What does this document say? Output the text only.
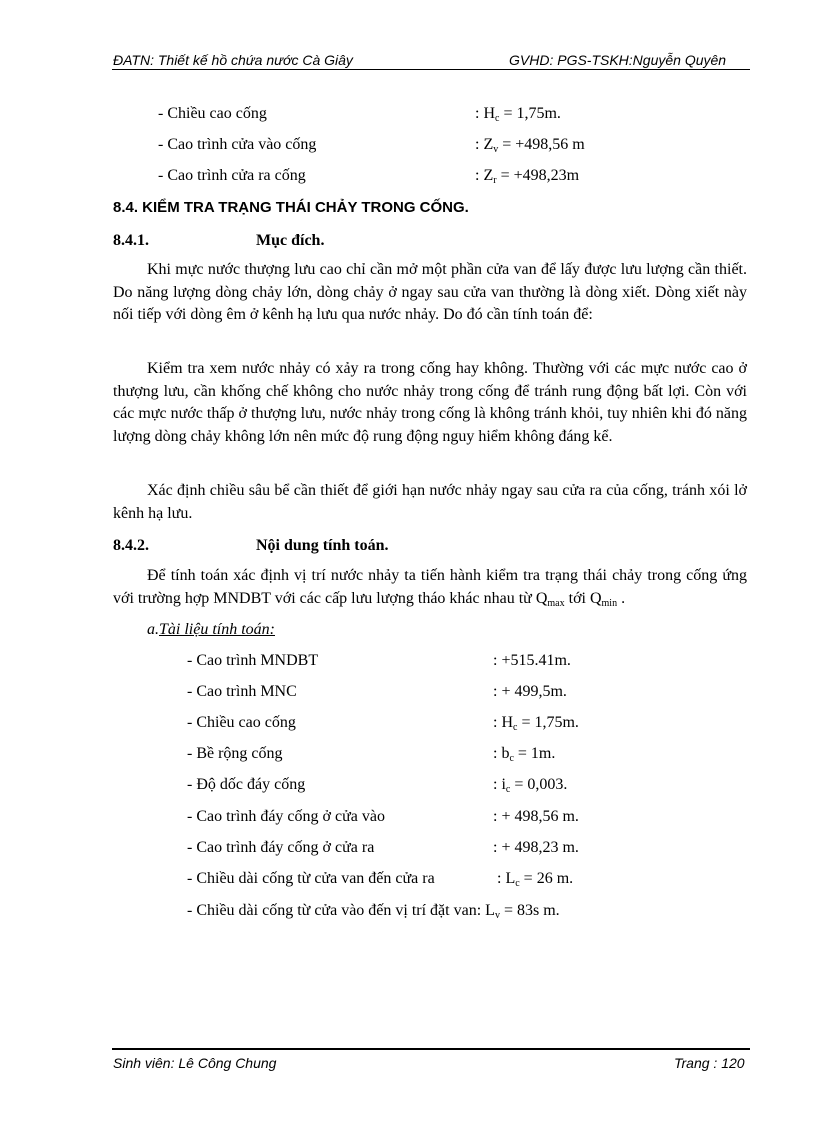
ĐATN: Thiết kế hồ chứa nước Cà Giây	GVHD: PGS-TSKH:Nguyễn Quyên
- Chiều cao cống	: $H_c = 1,75m$.
- Cao trình cửa vào cống	: $Z_v = +498,56$ m
- Cao trình cửa ra cống	: $Z_r = +498,23m$
8.4. KIỂM TRA TRẠNG THÁI CHẢY TRONG CỐNG.
8.4.1.	Mục đích.

Khi mực nước thượng lưu cao chỉ cần mở một phần cửa van để lấy được lưu lượng cần thiết. Do năng lượng dòng chảy lớn, dòng chảy ở ngay sau cửa van thường là dòng xiết. Dòng xiết này nối tiếp với dòng êm ở kênh hạ lưu qua nước nhảy. Do đó cần tính toán để:

Kiểm tra xem nước nhảy có xảy ra trong cống hay không. Thường với các mực nước cao ở thượng lưu, cần khống chế không cho nước nhảy trong cống để tránh rung động bất lợi. Còn với các mực nước thấp ở thượng lưu, nước nhảy trong cống là không tránh khỏi, tuy nhiên khi đó năng lượng dòng chảy không lớn nên mức độ rung động nguy hiểm không đáng kể.

Xác định chiều sâu bể cần thiết để giới hạn nước nhảy ngay sau cửa ra của cống, tránh xói lở kênh hạ lưu.

8.4.2.	Nội dung tính toán.

Để tính toán xác định vị trí nước nhảy ta tiến hành kiểm tra trạng thái chảy trong cống ứng với trường hợp MNDBT với các cấp lưu lượng tháo khác nhau từ $Q_{max}$ tới $Q_{min}$ .

a.Tài liệu tính toán:
- Cao trình MNDBT	: +515.41m.
- Cao trình MNC	: + 499,5m.
- Chiều cao cống	: $H_c = 1,75m$.
- Bề rộng cống	: $b_c = 1m$.
- Độ dốc đáy cống	: $i_c = 0,003$.
- Cao trình đáy cống ở cửa vào	: + 498,56 m.
- Cao trình đáy cống ở cửa ra	: + 498,23 m.
- Chiều dài cống từ cửa van đến cửa ra	: $L_c = 26$ m.
- Chiều dài cống từ cửa vào đến vị trí đặt van: $L_v = 83s$ m.
Sinh viên: Lê Công Chung	Trang : 120
